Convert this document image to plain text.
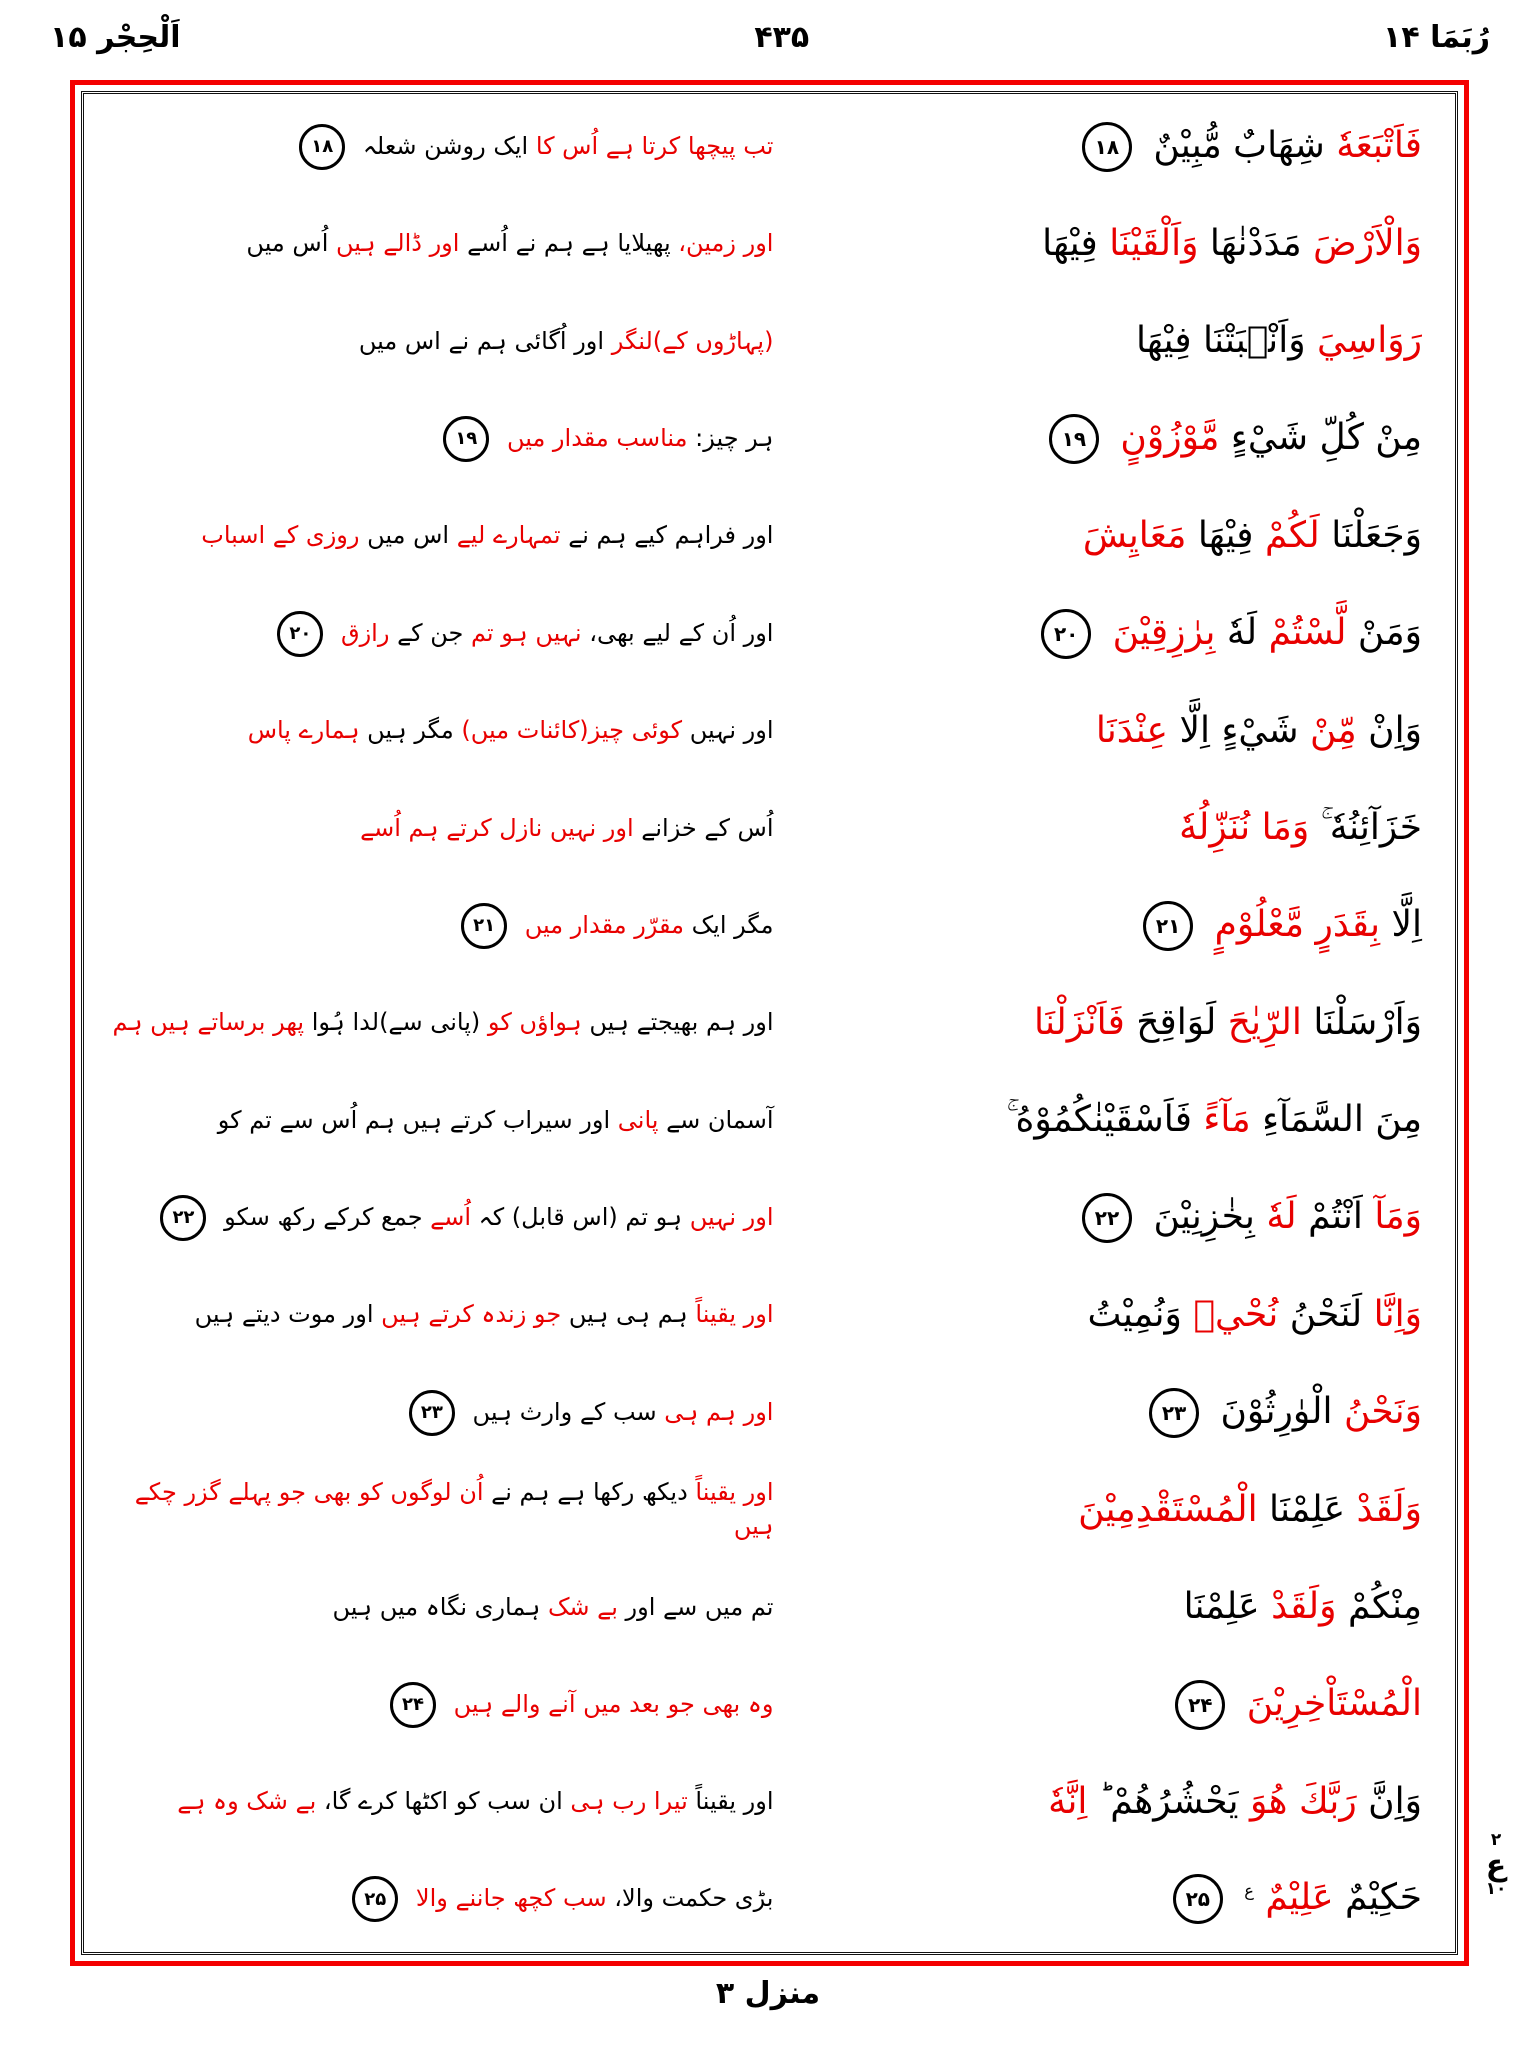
رُبَمَا ۱۴
۴۳۵
اَلْحِجْر ۱۵
فَاَتْبَعَهٗ شِهَابٌ مُّبِيْنٌ ۱۸
تب پیچھا کرتا ہے اُس کا ایک روشن شعلہ ۱۸
وَالْاَرْضَ مَدَدْنٰهَا وَاَلْقَيْنَا فِيْهَا
اور زمین، پھیلایا ہے ہم نے اُسے اور ڈالے ہیں اُس میں
رَوَاسِيَ وَاَنْۢبَتْنَا فِيْهَا
(پہاڑوں کے)لنگر اور اُگائی ہم نے اس میں
مِنْ كُلِّ شَيْءٍ مَّوْزُوْنٍ ۱۹
ہر چیز: مناسب مقدار میں ۱۹
وَجَعَلْنَا لَكُمْ فِيْهَا مَعَايِشَ
اور فراہم کیے ہم نے تمہارے لیے اس میں روزی کے اسباب
وَمَنْ لَّسْتُمْ لَهٗ بِرٰزِقِيْنَ ۲۰
اور اُن کے لیے بھی، نہیں ہو تم جن کے رازق ۲۰
وَاِنْ مِّنْ شَيْءٍ اِلَّا عِنْدَنَا
اور نہیں کوئی چیز(کائنات میں) مگر ہیں ہمارے پاس
خَزَآئِنُهٗ ۚ وَمَا نُنَزِّلُهٗ
اُس کے خزانے اور نہیں نازل کرتے ہم اُسے
اِلَّا بِقَدَرٍ مَّعْلُوْمٍ ۲۱
مگر ایک مقرّر مقدار میں ۲۱
وَاَرْسَلْنَا الرِّيٰحَ لَوَاقِحَ فَاَنْزَلْنَا
اور ہم بھیجتے ہیں ہواؤں کو (پانی سے)لدا ہُوا پھر برساتے ہیں ہم
مِنَ السَّمَآءِ مَآءً فَاَسْقَيْنٰكُمُوْهُ ۚ
آسمان سے پانی اور سیراب کرتے ہیں ہم اُس سے تم کو
وَمَآ اَنْتُمْ لَهٗ بِخٰزِنِيْنَ ۲۲
اور نہیں ہو تم (اس قابل) کہ اُسے جمع کرکے رکھ سکو ۲۲
وَاِنَّا لَنَحْنُ نُحْيٖ وَنُمِيْتُ
اور یقیناً ہم ہی ہیں جو زندہ کرتے ہیں اور موت دیتے ہیں
وَنَحْنُ الْوٰرِثُوْنَ ۲۳
اور ہم ہی سب کے وارث ہیں ۲۳
وَلَقَدْ عَلِمْنَا الْمُسْتَقْدِمِيْنَ
اور یقیناً دیکھ رکھا ہے ہم نے اُن لوگوں کو بھی جو پہلے گزر چکے ہیں
مِنْكُمْ وَلَقَدْ عَلِمْنَا
تم میں سے اور بے شک ہماری نگاہ میں ہیں
الْمُسْتَاْخِرِيْنَ ۲۴
وہ بھی جو بعد میں آنے والے ہیں ۲۴
وَاِنَّ رَبَّكَ هُوَ يَحْشُرُهُمْ ؕ اِنَّهٗ
اور یقیناً تیرا رب ہی ان سب کو اکٹھا کرے گا، بے شک وہ ہے
حَكِيْمٌ عَلِيْمٌ $^ع$ ۲۵
بڑی حکمت والا، سب کچھ جاننے والا ۲۵
۲
ع
۱۰
منزل ۳
